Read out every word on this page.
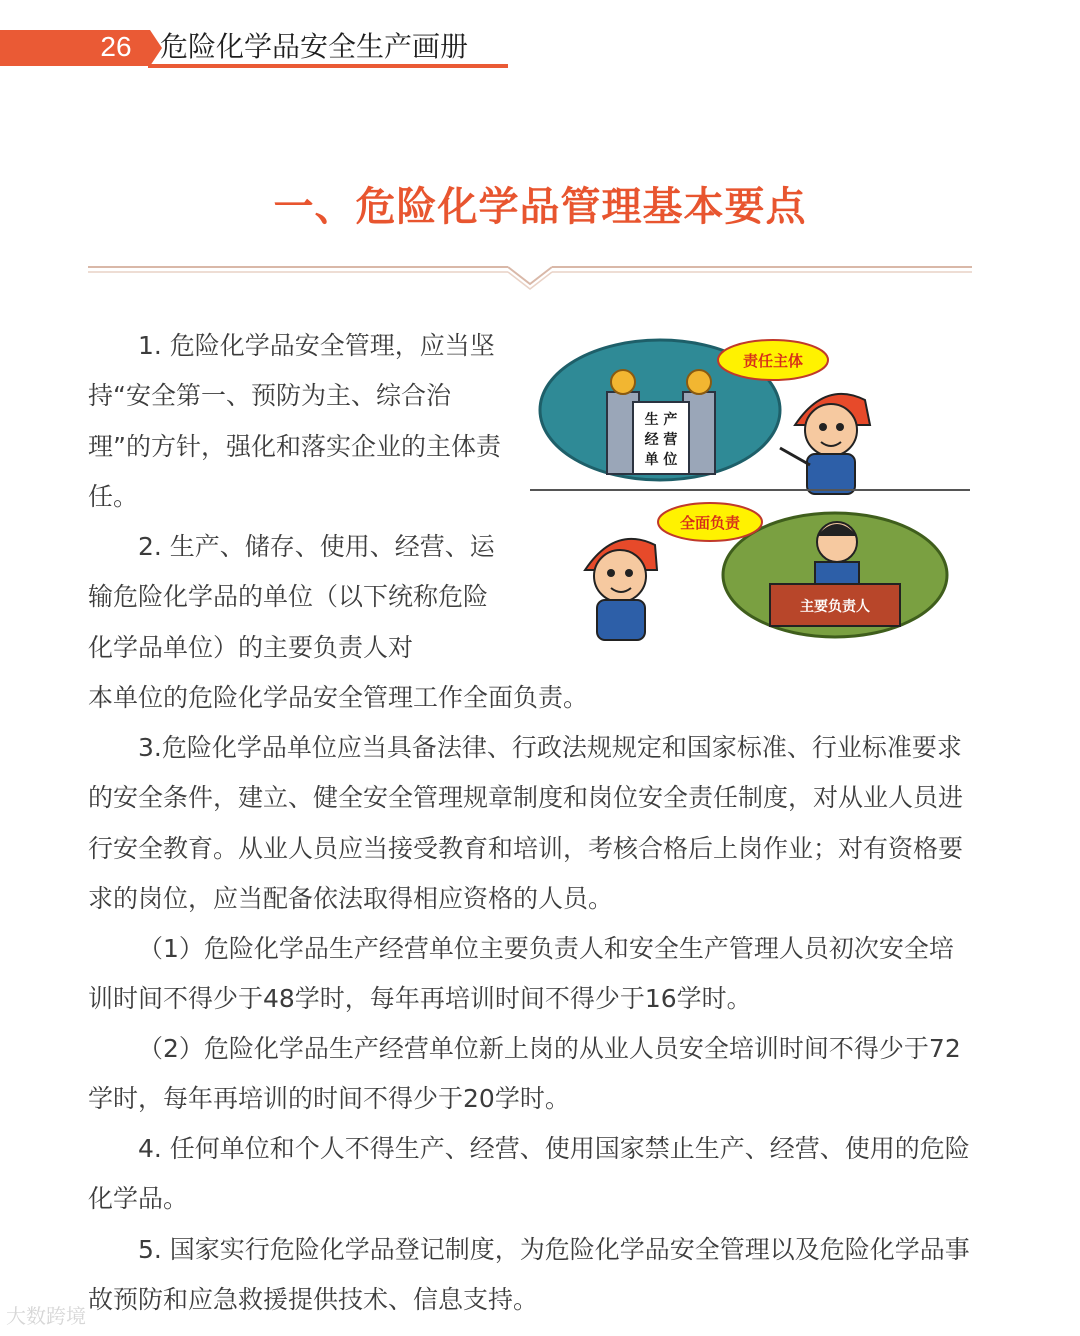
26	危险化学品安全生产画册
一、危险化学品管理基本要点

1. 危险化学品安全管理，应当坚持“安全第一、预防为主、综合治理”的方针，强化和落实企业的主体责任。

2. 生产、储存、使用、经营、运输危险化学品的单位（以下统称危险化学品单位）的主要负责人对

本单位的危险化学品安全管理工作全面负责。

3.危险化学品单位应当具备法律、行政法规规定和国家标准、行业标准要求的安全条件，建立、健全安全管理规章制度和岗位安全责任制度，对从业人员进行安全教育。从业人员应当接受教育和培训，考核合格后上岗作业；对有资格要求的岗位，应当配备依法取得相应资格的人员。

（1）危险化学品生产经营单位主要负责人和安全生产管理人员初次安全培训时间不得少于48学时，每年再培训时间不得少于16学时。

（2）危险化学品生产经营单位新上岗的从业人员安全培训时间不得少于72学时，每年再培训的时间不得少于20学时。

4. 任何单位和个人不得生产、经营、使用国家禁止生产、经营、使用的危险化学品。

5. 国家实行危险化学品登记制度，为危险化学品安全管理以及危险化学品事故预防和应急救援提供技术、信息支持。

生 产
经 营
单 位
责任主体
主要负责人
全面负责
大数跨境
